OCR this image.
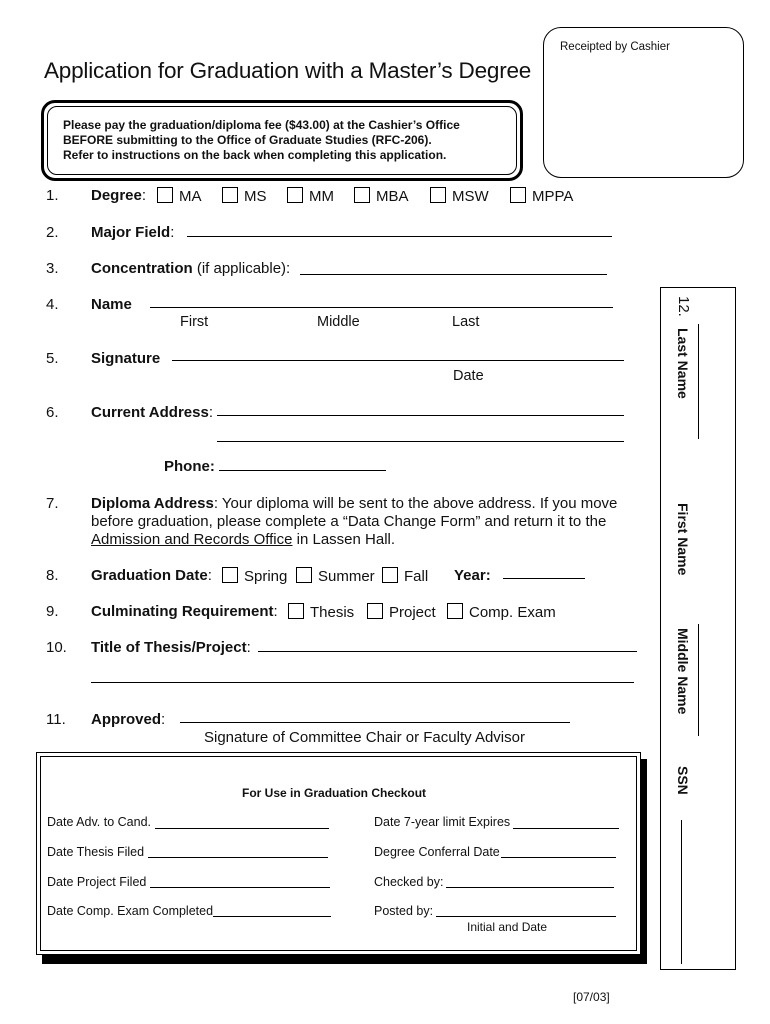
Application for Graduation with a Master’s Degree
Receipted by Cashier
Please pay the graduation/diploma fee ($43.00) at the Cashier’s Office
BEFORE submitting to the Office of Graduate Studies (RFC-206).
Refer to instructions on the back when completing this application.
1. Degree:	MA	MS	MM	MBA	MSW	MPPA
2. Major Field:
3. Concentration (if applicable):
4. Name
First	Middle	Last
5. Signature
Date
6. Current Address:
Phone:
7. Diploma Address: Your diploma will be sent to the above address. If you move
before graduation, please complete a “Data Change Form” and return it to the
Admission and Records Office in Lassen Hall.
8. Graduation Date:	Spring	Summer	Fall Year:
9. Culminating Requirement:	Thesis	Project	Comp. Exam
10. Title of Thesis/Project:
11. Approved:
Signature of Committee Chair or Faculty Advisor
12.
Last Name
First Name
Middle Name
SSN
For Use in Graduation Checkout
Date Adv. to Cand.
Date Thesis Filed
Date Project Filed
Date Comp. Exam Completed
Date 7-year limit Expires
Degree Conferral Date
Checked by:
Posted by:
Initial and Date
[07/03]
